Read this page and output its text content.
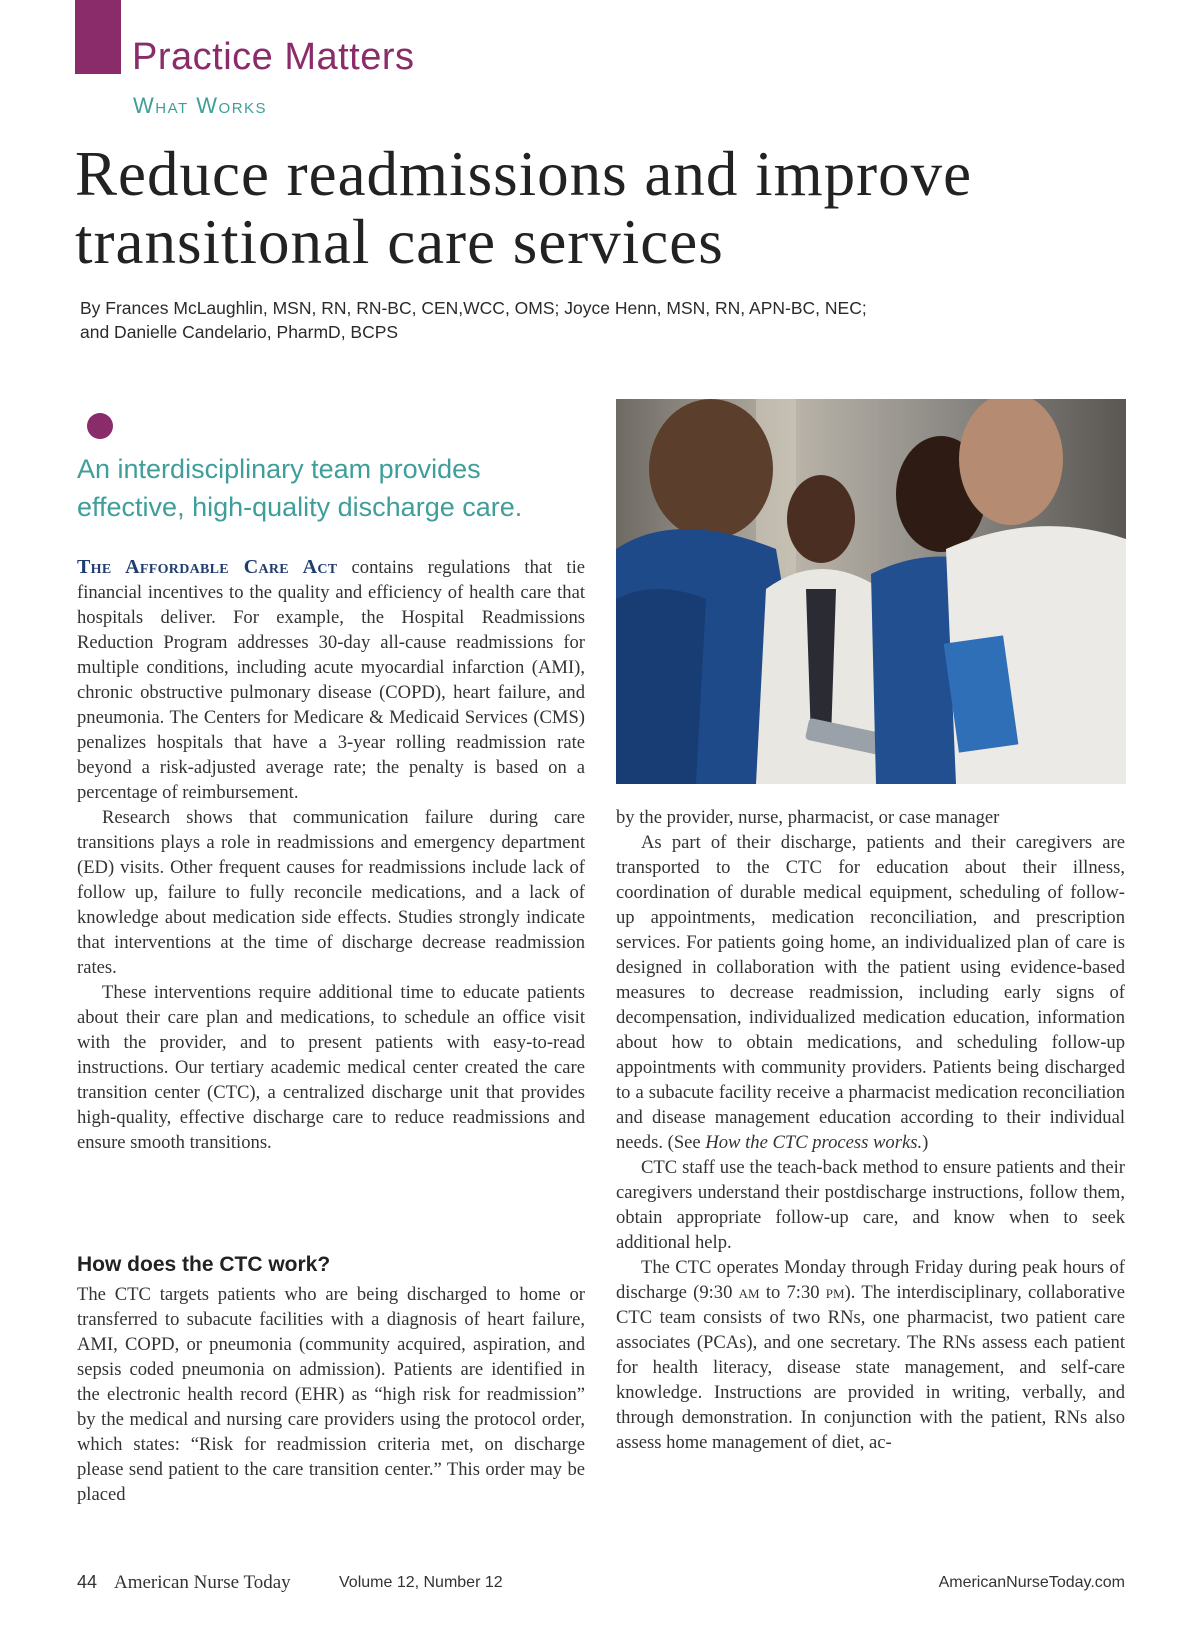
Practice Matters
What Works
Reduce readmissions and improve transitional care services
By Frances McLaughlin, MSN, RN, RN-BC, CEN,WCC, OMS; Joyce Henn, MSN, RN, APN-BC, NEC;
and Danielle Candelario, PharmD, BCPS
An interdisciplinary team provides effective, high-quality discharge care.

The Affordable Care Act contains regulations that tie financial incentives to the quality and efficiency of health care that hospitals deliver. For example, the Hospital Readmissions Reduction Program addresses 30-day all-cause readmissions for multiple conditions, including acute myocardial infarction (AMI), chronic obstructive pulmonary disease (COPD), heart failure, and pneumonia. The Centers for Medicare & Medicaid Services (CMS) penalizes hospitals that have a 3-year rolling readmission rate beyond a risk-adjusted average rate; the penalty is based on a percentage of reimbursement.

Research shows that communication failure during care transitions plays a role in readmissions and emergency department (ED) visits. Other frequent causes for readmissions include lack of follow up, failure to fully reconcile medications, and a lack of knowledge about medication side effects. Studies strongly indicate that interventions at the time of discharge decrease readmission rates.

These interventions require additional time to educate patients about their care plan and medications, to schedule an office visit with the provider, and to present patients with easy-to-read instructions. Our tertiary academic medical center created the care transition center (CTC), a centralized discharge unit that provides high-quality, effective discharge care to reduce readmissions and ensure smooth transitions.

How does the CTC work?

The CTC targets patients who are being discharged to home or transferred to subacute facilities with a diagnosis of heart failure, AMI, COPD, or pneumonia (community acquired, aspiration, and sepsis coded pneumonia on admission). Patients are identified in the electronic health record (EHR) as “high risk for readmission” by the medical and nursing care providers using the protocol order, which states: “Risk for readmission criteria met, on discharge please send patient to the care transition center.” This order may be placed

by the provider, nurse, pharmacist, or case manager

As part of their discharge, patients and their caregivers are transported to the CTC for education about their illness, coordination of durable medical equipment, scheduling of follow-up appointments, medication reconciliation, and prescription services. For patients going home, an individualized plan of care is designed in collaboration with the patient using evidence-based measures to decrease readmission, including early signs of decompensation, individualized medication education, information about how to obtain medications, and scheduling follow-up appointments with community providers. Patients being discharged to a subacute facility receive a pharmacist medication reconciliation and disease management education according to their individual needs. (See How the CTC process works.)

CTC staff use the teach-back method to ensure patients and their caregivers understand their postdischarge instructions, follow them, obtain appropriate follow-up care, and know when to seek additional help.

The CTC operates Monday through Friday during peak hours of discharge (9:30 am to 7:30 pm). The interdisciplinary, collaborative CTC team consists of two RNs, one pharmacist, two patient care associates (PCAs), and one secretary. The RNs assess each patient for health literacy, disease state management, and self-care knowledge. Instructions are provided in writing, verbally, and through demonstration. In conjunction with the patient, RNs also assess home management of diet, ac-

44 American Nurse Today	Volume 12, Number 12	AmericanNurseToday.com
